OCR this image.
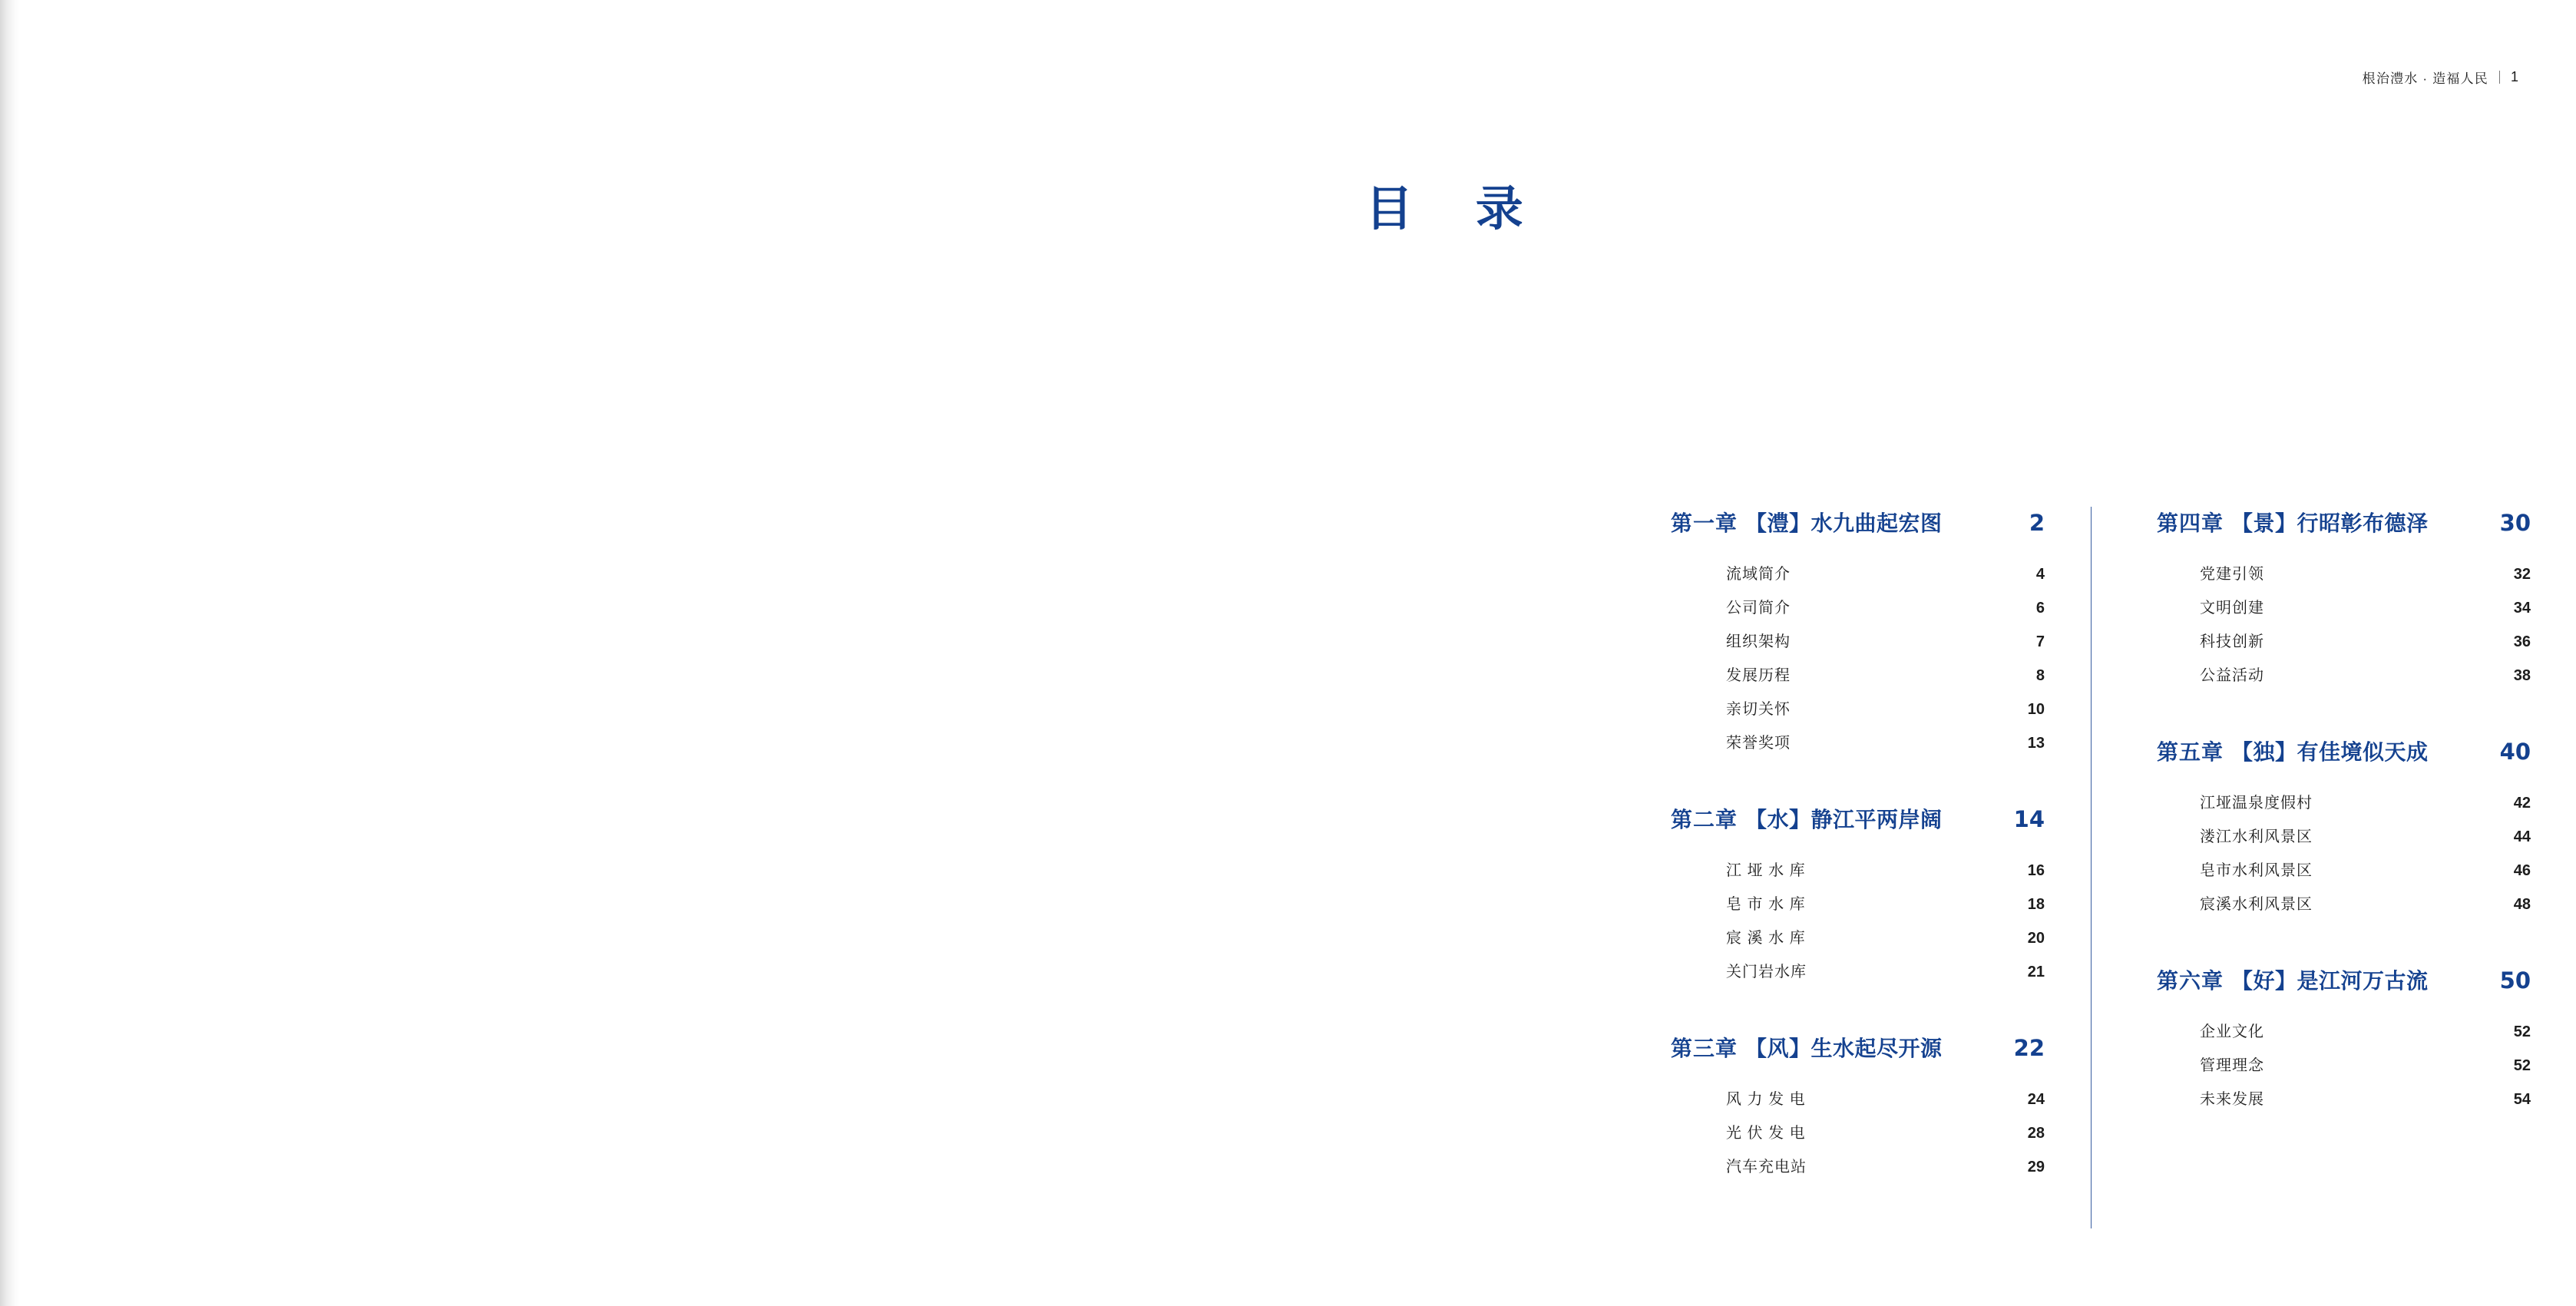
根治澧水 · 造福人民 1
目 录
第一章 【澧】水九曲起宏图	2
流域简介	4
公司简介	6
组织架构	7
发展历程	8
亲切关怀	10
荣誉奖项	13
第二章 【水】静江平两岸阔	14
江 垭 水 库	16
皂 市 水 库	18
宸 溪 水 库	20
关门岩水库	21
第三章 【风】生水起尽开源	22
风 力 发 电	24
光 伏 发 电	28
汽车充电站	29
第四章 【景】行昭彰布德泽	30
党建引领	32
文明创建	34
科技创新	36
公益活动	38
第五章 【独】有佳境似天成	40
江垭温泉度假村	42
溇江水利风景区	44
皂市水利风景区	46
宸溪水利风景区	48
第六章 【好】是江河万古流	50
企业文化	52
管理理念	52
未来发展	54
